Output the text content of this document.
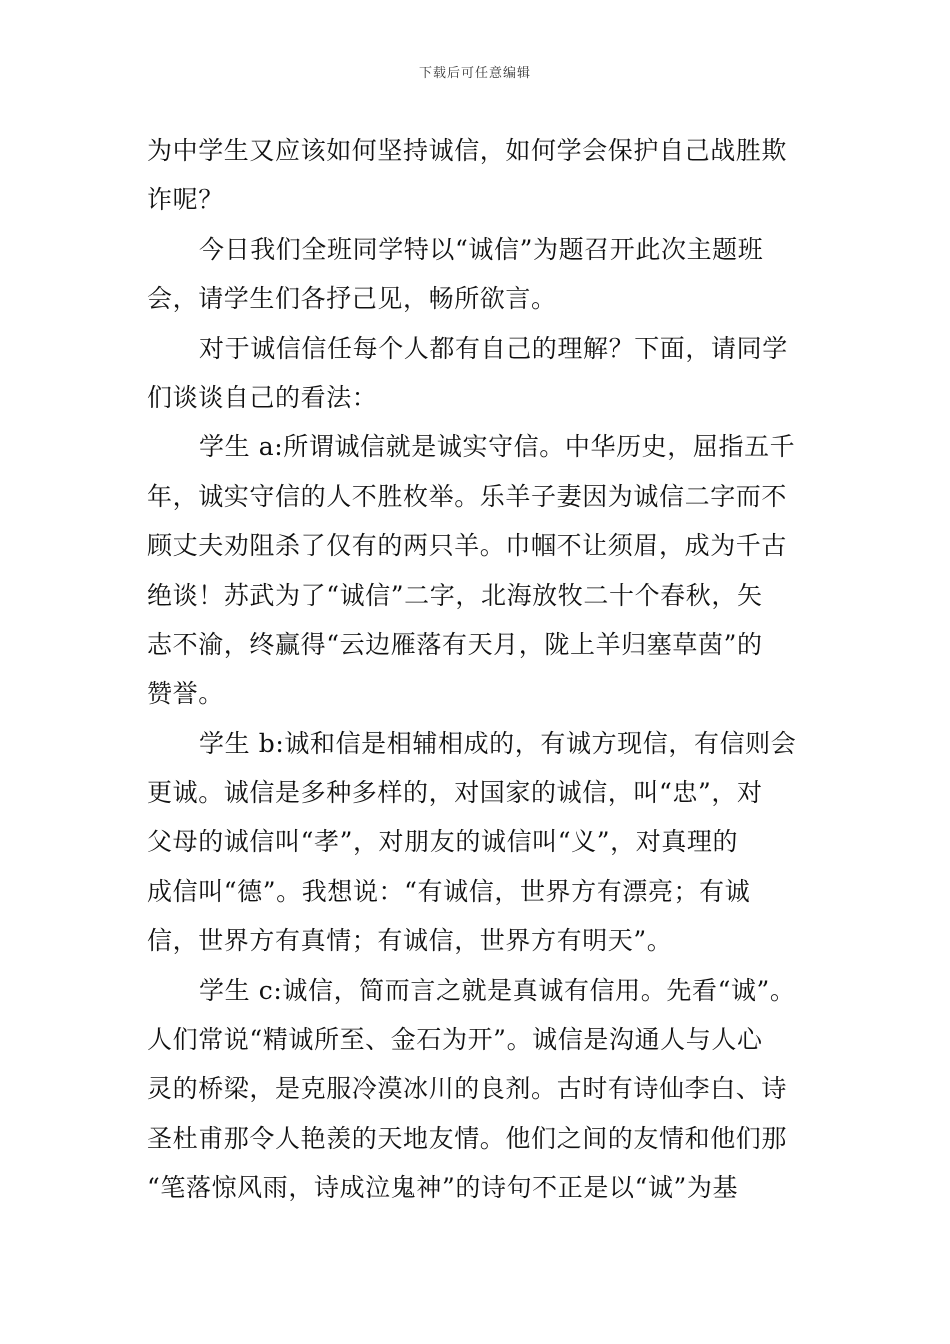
下载后可任意编辑
为中学生又应该如何坚持诚信，如何学会保护自己战胜欺
诈呢？
今日我们全班同学特以“诚信”为题召开此次主题班
会，请学生们各抒己见，畅所欲言。
对于诚信信任每个人都有自己的理解？下面，请同学
们谈谈自己的看法：
学生 a:所谓诚信就是诚实守信。中华历史，屈指五千
年，诚实守信的人不胜枚举。乐羊子妻因为诚信二字而不
顾丈夫劝阻杀了仅有的两只羊。巾帼不让须眉，成为千古
绝谈！苏武为了“诚信”二字，北海放牧二十个春秋，矢
志不渝，终赢得“云边雁落有天月，陇上羊归塞草茵”的
赞誉。
学生 b:诚和信是相辅相成的，有诚方现信，有信则会
更诚。诚信是多种多样的，对国家的诚信，叫“忠”，对
父母的诚信叫“孝”，对朋友的诚信叫“义”，对真理的
成信叫“德”。我想说：“有诚信，世界方有漂亮；有诚
信，世界方有真情；有诚信，世界方有明天”。
学生 c:诚信，简而言之就是真诚有信用。先看“诚”。
人们常说“精诚所至、金石为开”。诚信是沟通人与人心
灵的桥梁，是克服冷漠冰川的良剂。古时有诗仙李白、诗
圣杜甫那令人艳羡的天地友情。他们之间的友情和他们那
“笔落惊风雨，诗成泣鬼神”的诗句不正是以“诚”为基
